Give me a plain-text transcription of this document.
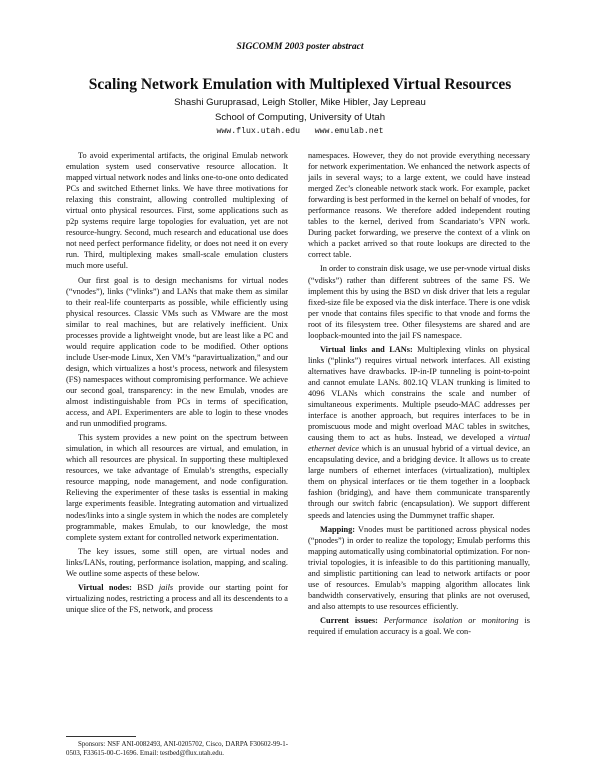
SIGCOMM 2003 poster abstract
Scaling Network Emulation with Multiplexed Virtual Resources
Shashi Guruprasad, Leigh Stoller, Mike Hibler, Jay Lepreau
School of Computing, University of Utah
www.flux.utah.edu   www.emulab.net

To avoid experimental artifacts, the original Emulab network emulation system used conservative resource allocation. It mapped virtual network nodes and links one-to-one onto dedicated PCs and switched Ethernet links. We have three motivations for relaxing this constraint, allowing controlled multiplexing of virtual onto physical resources. First, some applications such as p2p systems require large topologies for evaluation, yet are not resource-hungry. Second, much research and educational use does not need perfect performance fidelity, or does not need it on every run. Third, multiplexing makes small-scale emulation clusters much more useful.

Our first goal is to design mechanisms for virtual nodes (“vnodes”), links (“vlinks”) and LANs that make them as similar to their real-life counterparts as possible, while efficiently using physical resources. Classic VMs such as VMware are the most similar to real machines, but are relatively inefficient. Unix processes provide a lightweight vnode, but are least like a PC and would require application code to be modified. Other options include User-mode Linux, Xen VM’s “paravirtualization,” and our design, which virtualizes a host’s process, network and filesystem (FS) namespaces without compromising performance. We achieve our second goal, transparency: in the new Emulab, vnodes are almost indistinguishable from PCs in terms of specification, access, and API. Experimenters are able to login to these vnodes and run unmodified programs.

This system provides a new point on the spectrum between simulation, in which all resources are virtual, and emulation, in which all resources are physical. In supporting these multiplexed resources, we take advantage of Emulab’s strengths, especially resource mapping, node management, and node configuration. Relieving the experimenter of these tasks is essential in making large experiments feasible. Integrating automation and virtualized nodes/links into a single system in which the nodes are completely programmable, makes Emulab, to our knowledge, the most complete system extant for controlled network experimentation.

The key issues, some still open, are virtual nodes and links/LANs, routing, performance isolation, mapping, and scaling. We outline some aspects of these below.

Virtual nodes: BSD jails provide our starting point for virtualizing nodes, restricting a process and all its descendents to a unique slice of the FS, network, and process

Sponsors: NSF ANI-0082493, ANI-0205702, Cisco, DARPA F30602-99-1-0503, F33615-00-C-1696. Email: testbed@flux.utah.edu.

namespaces. However, they do not provide everything necessary for network experimentation. We enhanced the network aspects of jails in several ways; to a large extent, we could have instead merged Zec’s cloneable network stack work. For example, packet forwarding is best performed in the kernel on behalf of vnodes, for performance reasons. We therefore added independent routing tables to the kernel, derived from Scandariato’s VPN work. During packet forwarding, we preserve the context of a vlink on which a packet arrived so that route lookups are directed to the correct table.

In order to constrain disk usage, we use per-vnode virtual disks (“vdisks”) rather than different subtrees of the same FS. We implement this by using the BSD vn disk driver that lets a regular fixed-size file be exposed via the disk interface. There is one vdisk per vnode that contains files specific to that vnode and forms the root of its filesystem tree. Other filesystems are shared and are loopback-mounted into the jail FS namespace.

Virtual links and LANs: Multiplexing vlinks on physical links (“plinks”) requires virtual network interfaces. All existing alternatives have drawbacks. IP-in-IP tunneling is point-to-point and cannot emulate LANs. 802.1Q VLAN trunking is limited to 4096 VLANs which constrains the scale and number of simultaneous experiments. Multiple pseudo-MAC addresses per interface is another approach, but requires interfaces to be in promiscuous mode and might overload MAC tables in switches, causing them to act as hubs. Instead, we developed a virtual ethernet device which is an unusual hybrid of a virtual device, an encapsulating device, and a bridging device. It allows us to create large numbers of ethernet interfaces (virtualization), multiplex them on physical interfaces or tie them together in a loopback fashion (bridging), and have them communicate transparently through our switch fabric (encapsulation). We support different speeds and latencies using the Dummynet traffic shaper.

Mapping: Vnodes must be partitioned across physical nodes (“pnodes”) in order to realize the topology; Emulab performs this mapping automatically using combinatorial optimization. For non-trivial topologies, it is infeasible to do this partitioning manually, and simplistic partitioning can lead to network artifacts or poor use of resources. Emulab’s mapping algorithm allocates link bandwidth conservatively, ensuring that plinks are not overused, and also attempts to use resources efficiently.

Current issues: Performance isolation or monitoring is required if emulation accuracy is a goal. We con-
